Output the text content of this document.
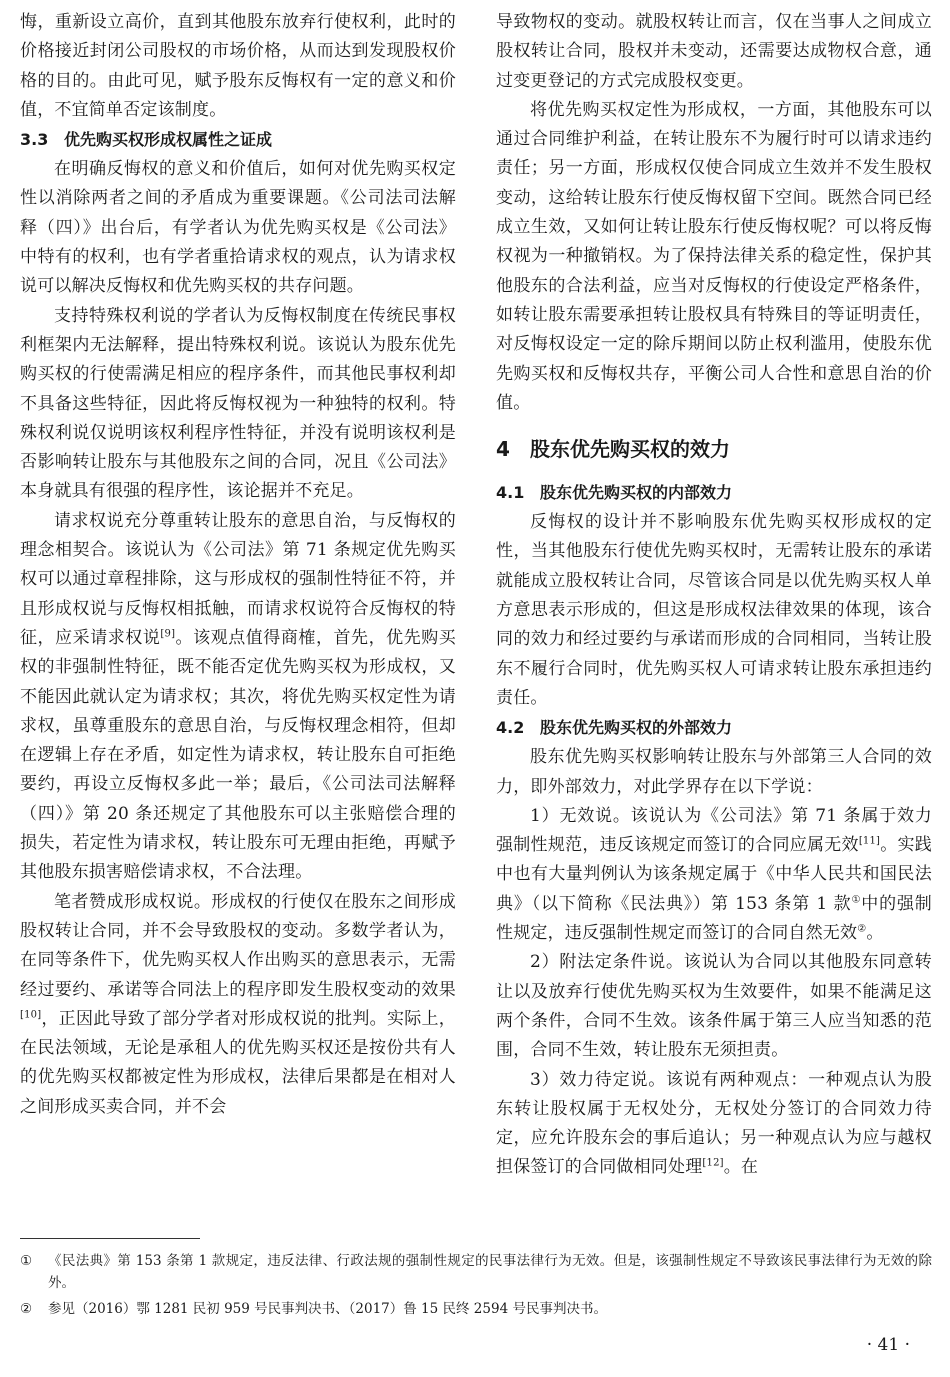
悔，重新设立高价，直到其他股东放弃行使权利，此时的价格接近封闭公司股权的市场价格，从而达到发现股权价格的目的。由此可见，赋予股东反悔权有一定的意义和价值，不宜简单否定该制度。

3.3 优先购买权形成权属性之证成

在明确反悔权的意义和价值后，如何对优先购买权定性以消除两者之间的矛盾成为重要课题。《公司法司法解释（四）》出台后，有学者认为优先购买权是《公司法》中特有的权利，也有学者重拾请求权的观点，认为请求权说可以解决反悔权和优先购买权的共存问题。

支持特殊权利说的学者认为反悔权制度在传统民事权利框架内无法解释，提出特殊权利说。该说认为股东优先购买权的行使需满足相应的程序条件，而其他民事权利却不具备这些特征，因此将反悔权视为一种独特的权利。特殊权利说仅说明该权利程序性特征，并没有说明该权利是否影响转让股东与其他股东之间的合同，况且《公司法》本身就具有很强的程序性，该论据并不充足。

请求权说充分尊重转让股东的意思自治，与反悔权的理念相契合。该说认为《公司法》第 71 条规定优先购买权可以通过章程排除，这与形成权的强制性特征不符，并且形成权说与反悔权相抵触，而请求权说符合反悔权的特征，应采请求权说[9]。该观点值得商榷，首先，优先购买权的非强制性特征，既不能否定优先购买权为形成权，又不能因此就认定为请求权；其次，将优先购买权定性为请求权，虽尊重股东的意思自治，与反悔权理念相符，但却在逻辑上存在矛盾，如定性为请求权，转让股东自可拒绝要约，再设立反悔权多此一举；最后，《公司法司法解释（四）》第 20 条还规定了其他股东可以主张赔偿合理的损失，若定性为请求权，转让股东可无理由拒绝，再赋予其他股东损害赔偿请求权，不合法理。

笔者赞成形成权说。形成权的行使仅在股东之间形成股权转让合同，并不会导致股权的变动。多数学者认为，在同等条件下，优先购买权人作出购买的意思表示，无需经过要约、承诺等合同法上的程序即发生股权变动的效果[10]，正因此导致了部分学者对形成权说的批判。实际上，在民法领域，无论是承租人的优先购买权还是按份共有人的优先购买权都被定性为形成权，法律后果都是在相对人之间形成买卖合同，并不会

导致物权的变动。就股权转让而言，仅在当事人之间成立股权转让合同，股权并未变动，还需要达成物权合意，通过变更登记的方式完成股权变更。

将优先购买权定性为形成权，一方面，其他股东可以通过合同维护利益，在转让股东不为履行时可以请求违约责任；另一方面，形成权仅使合同成立生效并不发生股权变动，这给转让股东行使反悔权留下空间。既然合同已经成立生效，又如何让转让股东行使反悔权呢？可以将反悔权视为一种撤销权。为了保持法律关系的稳定性，保护其他股东的合法利益，应当对反悔权的行使设定严格条件，如转让股东需要承担转让股权具有特殊目的等证明责任，对反悔权设定一定的除斥期间以防止权利滥用，使股东优先购买权和反悔权共存，平衡公司人合性和意思自治的价值。

4 股东优先购买权的效力
4.1 股东优先购买权的内部效力

反悔权的设计并不影响股东优先购买权形成权的定性，当其他股东行使优先购买权时，无需转让股东的承诺就能成立股权转让合同，尽管该合同是以优先购买权人单方意思表示形成的，但这是形成权法律效果的体现，该合同的效力和经过要约与承诺而形成的合同相同，当转让股东不履行合同时，优先购买权人可请求转让股东承担违约责任。

4.2 股东优先购买权的外部效力

股东优先购买权影响转让股东与外部第三人合同的效力，即外部效力，对此学界存在以下学说：

1）无效说。该说认为《公司法》第 71 条属于效力强制性规范，违反该规定而签订的合同应属无效[11]。实践中也有大量判例认为该条规定属于《中华人民共和国民法典》（以下简称《民法典》）第 153 条第 1 款①中的强制性规定，违反强制性规定而签订的合同自然无效②。

2）附法定条件说。该说认为合同以其他股东同意转让以及放弃行使优先购买权为生效要件，如果不能满足这两个条件，合同不生效。该条件属于第三人应当知悉的范围，合同不生效，转让股东无须担责。

3）效力待定说。该说有两种观点：一种观点认为股东转让股权属于无权处分，无权处分签订的合同效力待定，应允许股东会的事后追认；另一种观点认为应与越权担保签订的合同做相同处理[12]。在

①	《民法典》第 153 条第 1 款规定，违反法律、行政法规的强制性规定的民事法律行为无效。但是，该强制性规定不导致该民事法律行为无效的除外。

②	参见（2016）鄂 1281 民初 959 号民事判决书、（2017）鲁 15 民终 2594 号民事判决书。

· 41 ·
